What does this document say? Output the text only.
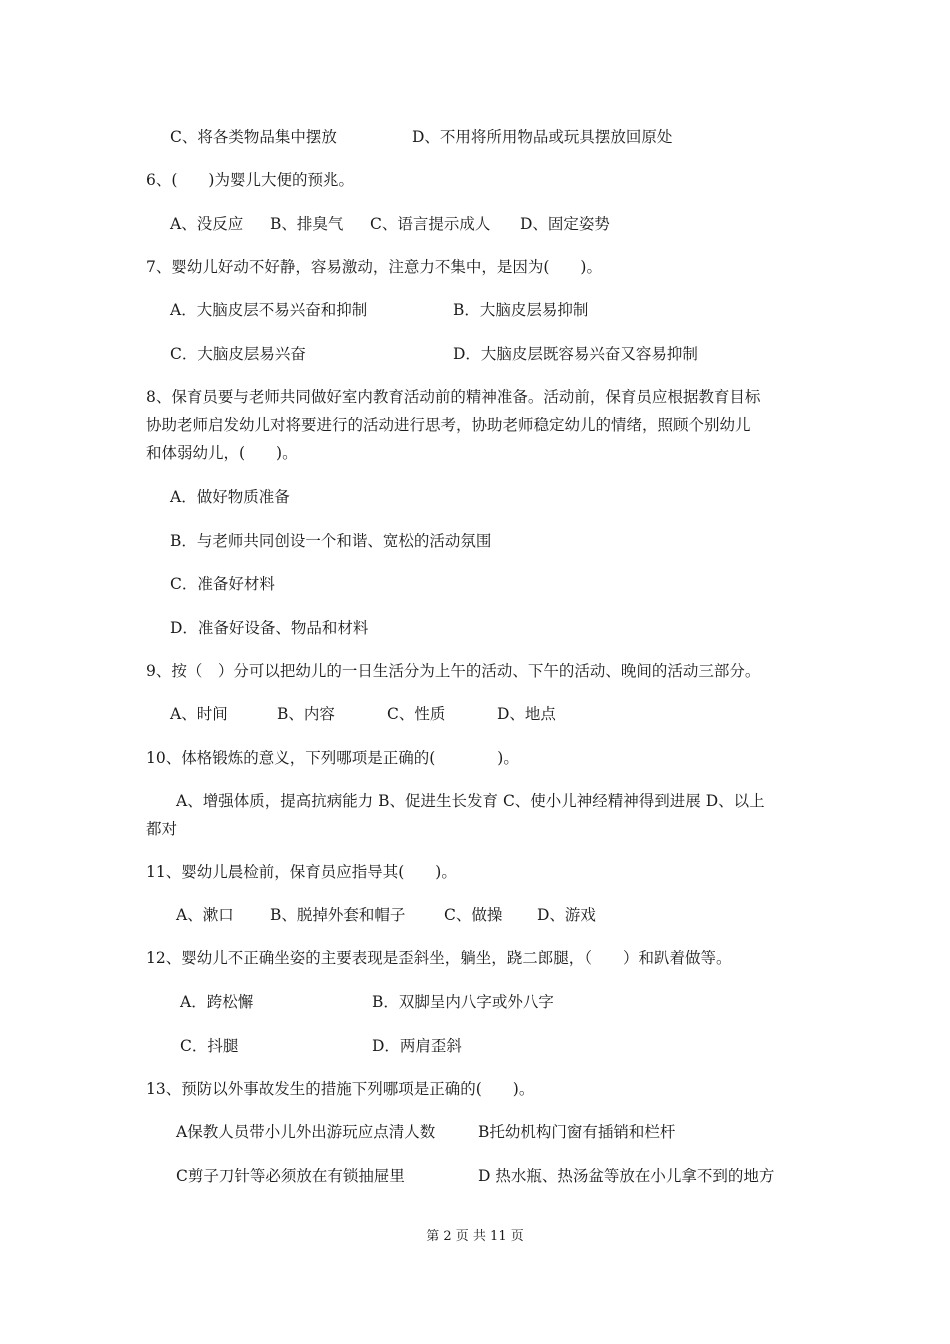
C、将各类物品集中摆放	D、不用将所用物品或玩具摆放回原处
6、(　　)为婴儿大便的预兆。
A、没反应 B、排臭气 C、语言提示成人 D、固定姿势
7、婴幼儿好动不好静，容易激动，注意力不集中，是因为(　　)。
A．大脑皮层不易兴奋和抑制	B．大脑皮层易抑制
C．大脑皮层易兴奋	D．大脑皮层既容易兴奋又容易抑制
8、保育员要与老师共同做好室内教育活动前的精神准备。活动前，保育员应根据教育目标
协助老师启发幼儿对将要进行的活动进行思考，协助老师稳定幼儿的情绪，照顾个别幼儿
和体弱幼儿，(　　)。
A．做好物质准备
B．与老师共同创设一个和谐、宽松的活动氛围
C．准备好材料
D．准备好设备、物品和材料
9、按（　）分可以把幼儿的一日生活分为上午的活动、下午的活动、晚间的活动三部分。
A、时间	B、内容	C、性质	D、地点
10、体格锻炼的意义，下列哪项是正确的(　　　　)。
A、增强体质，提高抗病能力 B、促进生长发育 C、使小儿神经精神得到进展 D、以上
都对
11、婴幼儿晨检前，保育员应指导其(　　)。
A、漱口 B、脱掉外套和帽子 C、做操 D、游戏
12、婴幼儿不正确坐姿的主要表现是歪斜坐，躺坐，跷二郎腿，（　　）和趴着做等。
A．跨松懈	B．双脚呈内八字或外八字
C．抖腿	D．两肩歪斜
13、预防以外事故发生的措施下列哪项是正确的(　　)。
A保教人员带小儿外出游玩应点清人数	B托幼机构门窗有插销和栏杆
C剪子刀针等必须放在有锁抽屉里	D 热水瓶、热汤盆等放在小儿拿不到的地方
第 2 页 共 11 页
